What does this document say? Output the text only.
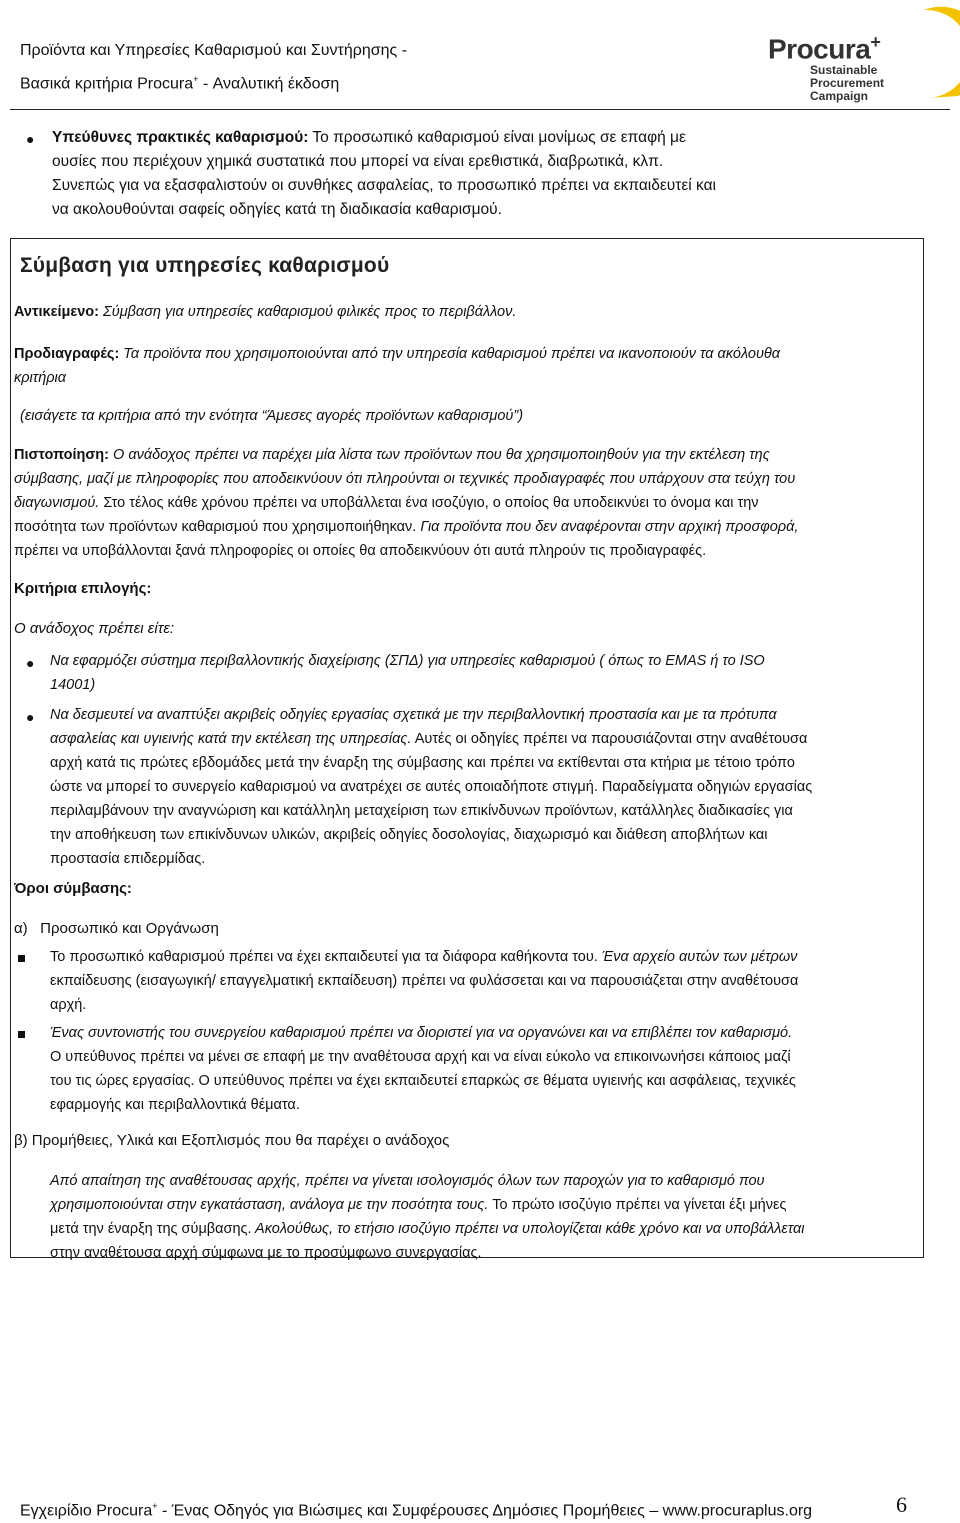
Προϊόντα και Υπηρεσίες Καθαρισμού και Συντήρησης -
Βασικά κριτήρια Procura+ - Αναλυτική έκδοση
Procura+
Sustainable
Procurement
Campaign
● Υπεύθυνες πρακτικές καθαρισμού: Το προσωπικό καθαρισμού είναι μονίμως σε επαφή με
ουσίες που περιέχουν χημικά συστατικά που μπορεί να είναι ερεθιστικά, διαβρωτικά, κλπ.
Συνεπώς για να εξασφαλιστούν οι συνθήκες ασφαλείας, το προσωπικό πρέπει να εκπαιδευτεί και
να ακολουθούνται σαφείς οδηγίες κατά τη διαδικασία καθαρισμού.
Σύμβαση για υπηρεσίες καθαρισμού
Αντικείμενο: Σύμβαση για υπηρεσίες καθαρισμού φιλικές προς το περιβάλλον.
Προδιαγραφές: Τα προϊόντα που χρησιμοποιούνται από την υπηρεσία καθαρισμού πρέπει να ικανοποιούν τα ακόλουθα
κριτήρια
(εισάγετε τα κριτήρια από την ενότητα “Άμεσες αγορές προϊόντων καθαρισμού”)
Πιστοποίηση: Ο ανάδοχος πρέπει να παρέχει μία λίστα των προϊόντων που θα χρησιμοποιηθούν για την εκτέλεση της
σύμβασης, μαζί με πληροφορίες που αποδεικνύουν ότι πληρούνται οι τεχνικές προδιαγραφές που υπάρχουν στα τεύχη του
διαγωνισμού. Στο τέλος κάθε χρόνου πρέπει να υποβάλλεται ένα ισοζύγιο, ο οποίος θα υποδεικνύει το όνομα και την
ποσότητα των προϊόντων καθαρισμού που χρησιμοποιήθηκαν. Για προϊόντα που δεν αναφέρονται στην αρχική προσφορά,
πρέπει να υποβάλλονται ξανά πληροφορίες οι οποίες θα αποδεικνύουν ότι αυτά πληρούν τις προδιαγραφές.
Κριτήρια επιλογής:
Ο ανάδοχος πρέπει είτε:
● Να εφαρμόζει σύστημα περιβαλλοντικής διαχείρισης (ΣΠΔ) για υπηρεσίες καθαρισμού ( όπως το EMAS ή το ISO
14001)
● Να δεσμευτεί να αναπτύξει ακριβείς οδηγίες εργασίας σχετικά με την περιβαλλοντική προστασία και με τα πρότυπα
ασφαλείας και υγιεινής κατά την εκτέλεση της υπηρεσίας. Αυτές οι οδηγίες πρέπει να παρουσιάζονται στην αναθέτουσα
αρχή κατά τις πρώτες εβδομάδες μετά την έναρξη της σύμβασης και πρέπει να εκτίθενται στα κτήρια με τέτοιο τρόπο
ώστε να μπορεί το συνεργείο καθαρισμού να ανατρέχει σε αυτές οποιαδήποτε στιγμή. Παραδείγματα οδηγιών εργασίας
περιλαμβάνουν την αναγνώριση και κατάλληλη μεταχείριση των επικίνδυνων προϊόντων, κατάλληλες διαδικασίες για
την αποθήκευση των επικίνδυνων υλικών, ακριβείς οδηγίες δοσολογίας, διαχωρισμό και διάθεση αποβλήτων και
προστασία επιδερμίδας.
Όροι σύμβασης:
α)   Προσωπικό και Οργάνωση
Το προσωπικό καθαρισμού πρέπει να έχει εκπαιδευτεί για τα διάφορα καθήκοντα του. Ένα αρχείο αυτών των μέτρων
εκπαίδευσης (εισαγωγική/ επαγγελματική εκπαίδευση) πρέπει να φυλάσσεται και να παρουσιάζεται στην αναθέτουσα
αρχή.
Ένας συντονιστής του συνεργείου καθαρισμού πρέπει να διοριστεί για να οργανώνει και να επιβλέπει τον καθαρισμό.
Ο υπεύθυνος πρέπει να μένει σε επαφή με την αναθέτουσα αρχή και να είναι εύκολο να επικοινωνήσει κάποιος μαζί
του τις ώρες εργασίας. Ο υπεύθυνος πρέπει να έχει εκπαιδευτεί επαρκώς σε θέματα υγιεινής και ασφάλειας, τεχνικές
εφαρμογής και περιβαλλοντικά θέματα.
β) Προμήθειες, Υλικά και Εξοπλισμός που θα παρέχει ο ανάδοχος
Από απαίτηση της αναθέτουσας αρχής, πρέπει να γίνεται ισολογισμός όλων των παροχών για το καθαρισμό που
χρησιμοποιούνται στην εγκατάσταση, ανάλογα με την ποσότητα τους. Το πρώτο ισοζύγιο πρέπει να γίνεται έξι μήνες
μετά την έναρξη της σύμβασης. Ακολούθως, το ετήσιο ισοζύγιο πρέπει να υπολογίζεται κάθε χρόνο και να υποβάλλεται
στην αναθέτουσα αρχή σύμφωνα με το προσύμφωνο συνεργασίας.
Εγχειρίδιο Procura+ - Ένας Οδηγός για Βιώσιμες και Συμφέρουσες Δημόσιες Προμήθειες – www.procuraplus.org	6
